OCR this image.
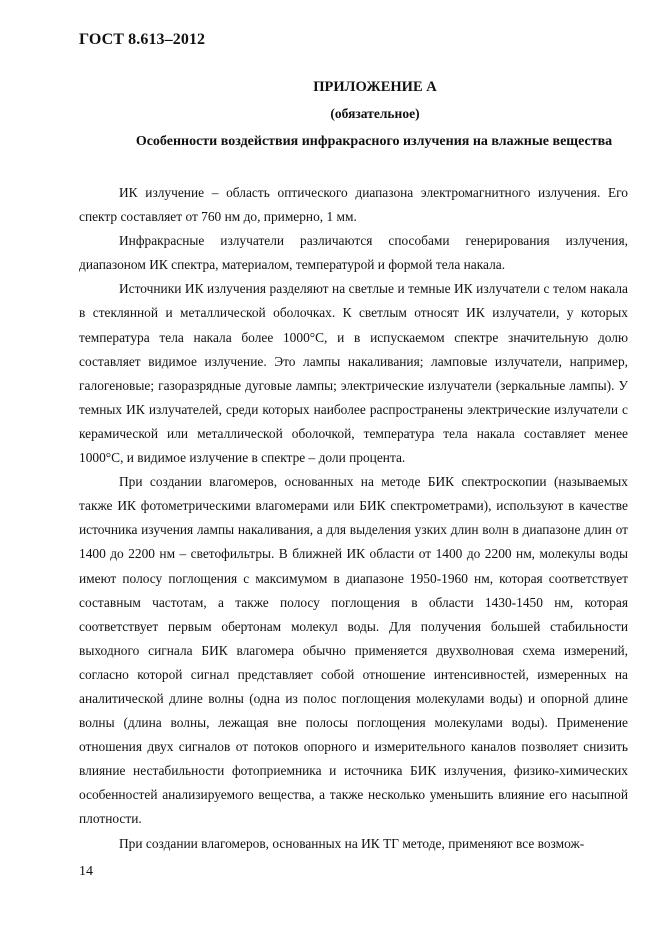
ГОСТ 8.613–2012
ПРИЛОЖЕНИЕ А
(обязательное)
Особенности воздействия инфракрасного излучения на влажные вещества

ИК излучение – область оптического диапазона электромагнитного излучения. Его спектр составляет от 760 нм до, примерно, 1 мм.

Инфракрасные излучатели различаются способами генерирования излучения, диапазоном ИК спектра, материалом, температурой и формой тела накала.

Источники ИК излучения разделяют на светлые и темные ИК излучатели с телом накала в стеклянной и металлической оболочках. К светлым относят ИК излучатели, у которых температура тела накала более 1000°С, и в испускаемом спектре значительную долю составляет видимое излучение. Это лампы накаливания; ламповые излучатели, например, галогеновые; газоразрядные дуговые лампы; электрические излучатели (зеркальные лампы). У темных ИК излучателей, среди которых наиболее распространены электрические излучатели с керамической или металлической оболочкой, температура тела накала составляет менее 1000°С, и видимое излучение в спектре – доли процента.

При создании влагомеров, основанных на методе БИК спектроскопии (называемых также ИК фотометрическими влагомерами или БИК спектрометрами), используют в качестве источника изучения лампы накаливания, а для выделения узких длин волн в диапазоне длин от 1400 до 2200 нм – светофильтры. В ближней ИК области от 1400 до 2200 нм, молекулы воды имеют полосу поглощения с максимумом в диапазоне 1950-1960 нм, которая соответствует составным частотам, а также полосу поглощения в области 1430-1450 нм, которая соответствует первым обертонам молекул воды. Для получения большей стабильности выходного сигнала БИК влагомера обычно применяется двухволновая схема измерений, согласно которой сигнал представляет собой отношение интенсивностей, измеренных на аналитической длине волны (одна из полос поглощения молекулами воды) и опорной длине волны (длина волны, лежащая вне полосы поглощения молекулами воды). Применение отношения двух сигналов от потоков опорного и измерительного каналов позволяет снизить влияние нестабильности фотоприемника и источника БИК излучения, физико-химических особенностей анализируемого вещества, а также несколько уменьшить влияние его насыпной плотности.

При создании влагомеров, основанных на ИК ТГ методе, применяют все возмож-

14
